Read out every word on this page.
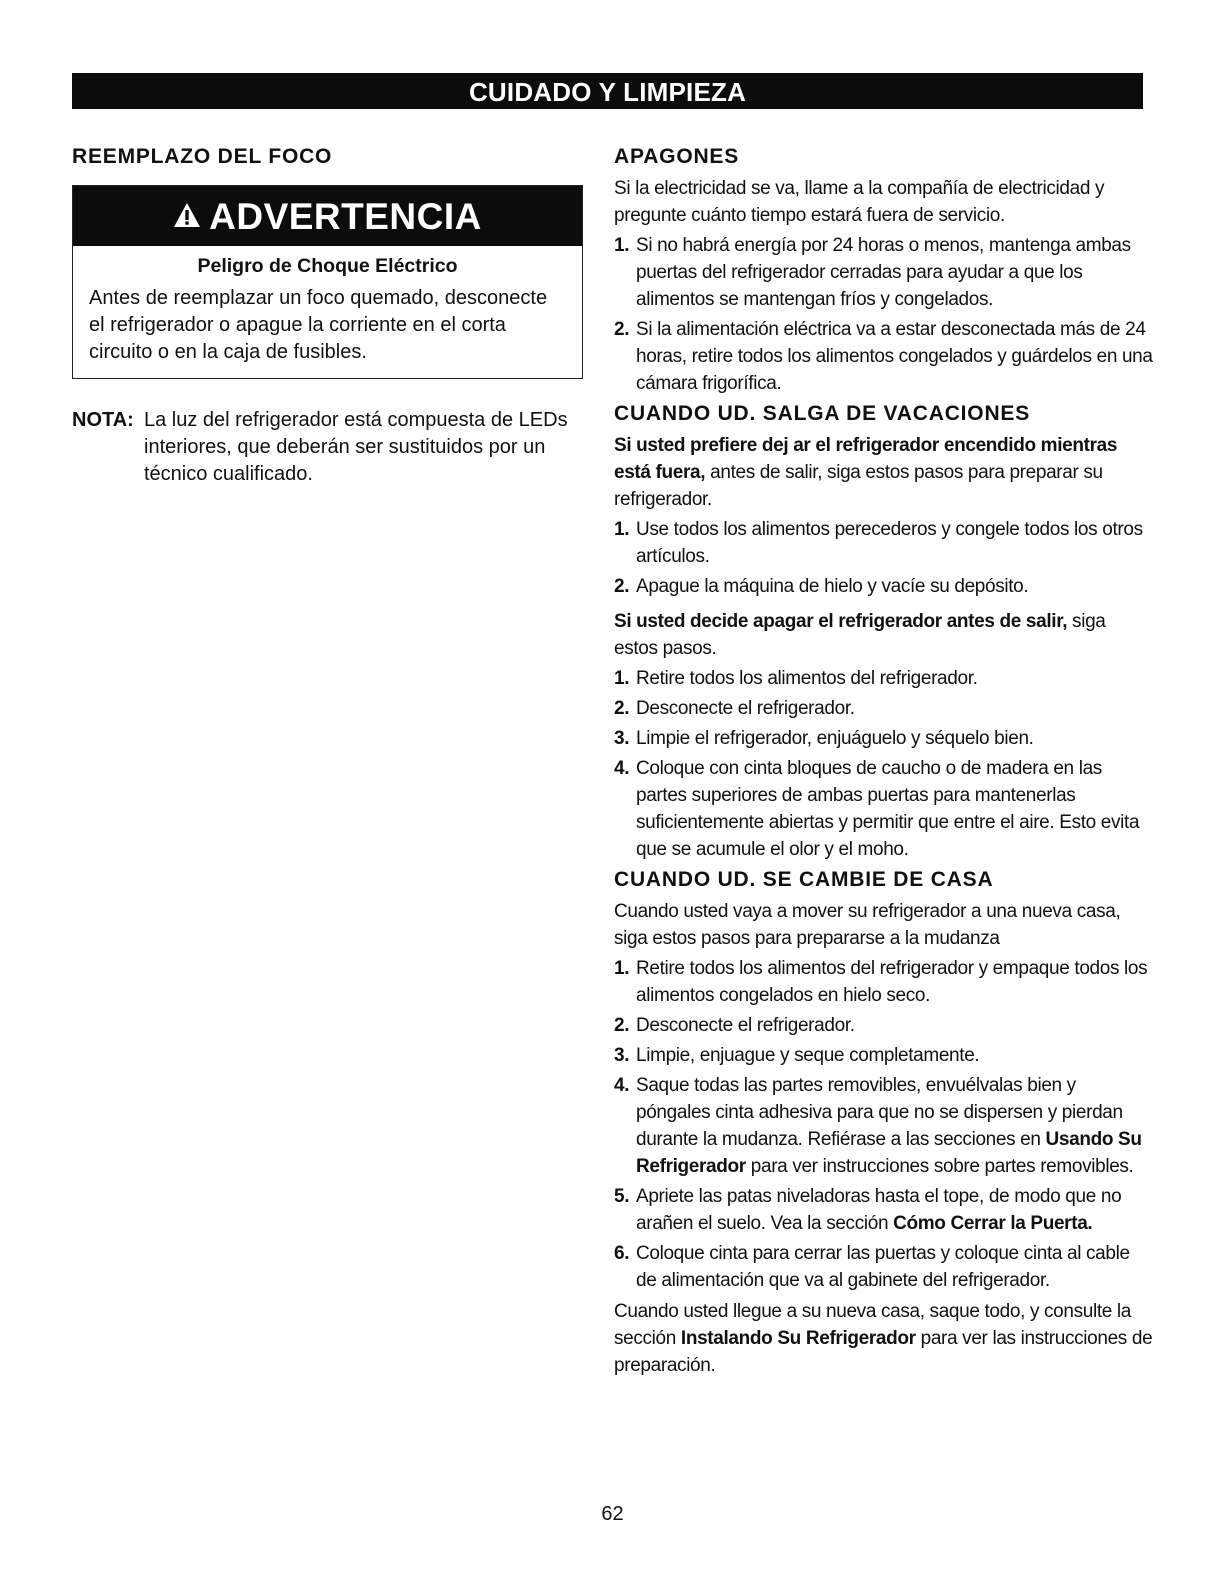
CUIDADO Y LIMPIEZA
REEMPLAZO DEL FOCO
ADVERTENCIA
Peligro de Choque Eléctrico
Antes de reemplazar un foco quemado, desconecte el refrigerador o apague la corriente en el corta circuito o en la caja de fusibles.
NOTA: La luz del refrigerador está compuesta de LEDs interiores, que deberán ser sustituidos por un técnico cualificado.
APAGONES

Si la electricidad se va, llame a la compañía de electricidad y pregunte cuánto tiempo estará fuera de servicio.

1. Si no habrá energía por 24 horas o menos, mantenga ambas puertas del refrigerador cerradas para ayudar a que los alimentos se mantengan fríos y congelados.
2. Si la alimentación eléctrica va a estar desconectada más de 24 horas, retire todos los alimentos congelados y guárdelos en una cámara frigorífica.
CUANDO UD. SALGA DE VACACIONES

Si usted prefiere dej ar el refrigerador encendido mientras está fuera, antes de salir, siga estos pasos para preparar su refrigerador.

1. Use todos los alimentos perecederos y congele todos los otros artículos.
2. Apague la máquina de hielo y vacíe su depósito.

Si usted decide apagar el refrigerador antes de salir, siga estos pasos.

1. Retire todos los alimentos del refrigerador.
2. Desconecte el refrigerador.
3. Limpie el refrigerador, enjuáguelo y séquelo bien.
4. Coloque con cinta bloques de caucho o de madera en las partes superiores de ambas puertas para mantenerlas suficientemente abiertas y permitir que entre el aire. Esto evita que se acumule el olor y el moho.
CUANDO UD. SE CAMBIE DE CASA

Cuando usted vaya a mover su refrigerador a una nueva casa, siga estos pasos para prepararse a la mudanza

1. Retire todos los alimentos del refrigerador y empaque todos los alimentos congelados en hielo seco.
2. Desconecte el refrigerador.
3. Limpie, enjuague y seque completamente.
4. Saque todas las partes removibles, envuélvalas bien y póngales cinta adhesiva para que no se dispersen y pierdan durante la mudanza. Refiérase a las secciones en Usando Su Refrigerador para ver instrucciones sobre partes removibles.
5. Apriete las patas niveladoras hasta el tope, de modo que no arañen el suelo. Vea la sección Cómo Cerrar la Puerta.
6. Coloque cinta para cerrar las puertas y coloque cinta al cable de alimentación que va al gabinete del refrigerador.

Cuando usted llegue a su nueva casa, saque todo, y consulte la sección Instalando Su Refrigerador para ver las instrucciones de preparación.

62
